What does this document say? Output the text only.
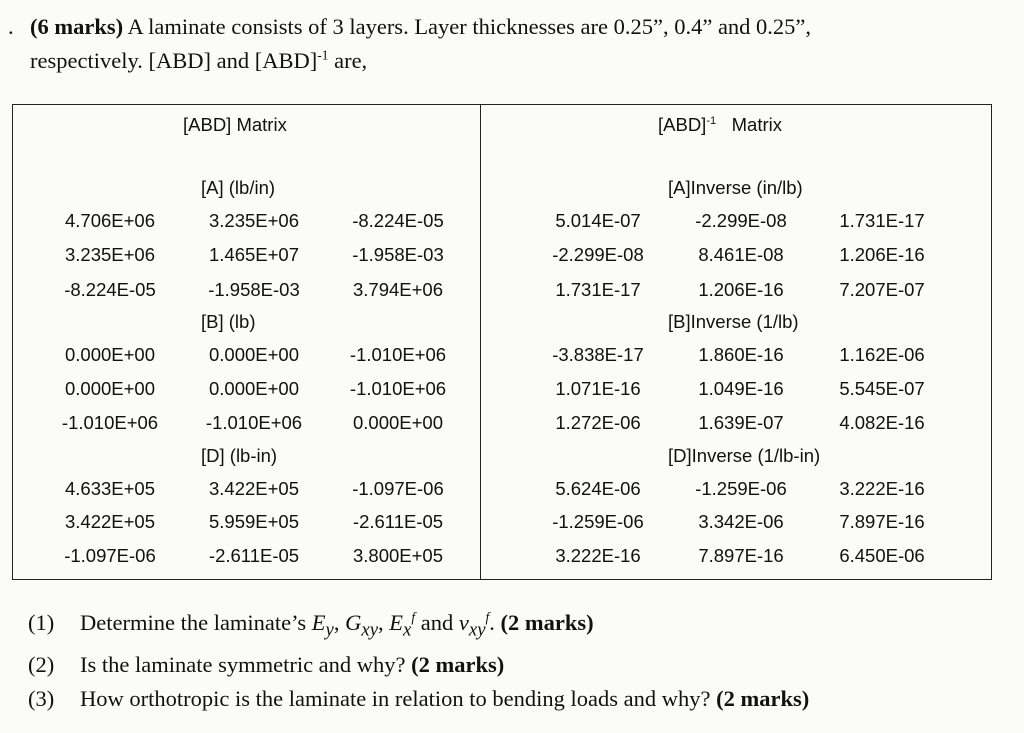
. (6 marks) A laminate consists of 3 layers. Layer thicknesses are 0.25”, 0.4” and 0.25”,
respectively. [ABD] and [ABD]$^{-1}$ are,
[ABD] Matrix
[A] (lb/in)
4.706E+06	3.235E+06	-8.224E-05
3.235E+06	1.465E+07	-1.958E-03
-8.224E-05	-1.958E-03	3.794E+06
[B] (lb)
0.000E+00	0.000E+00	-1.010E+06
0.000E+00	0.000E+00	-1.010E+06
-1.010E+06	-1.010E+06	0.000E+00
[D] (lb-in)
4.633E+05	3.422E+05	-1.097E-06
3.422E+05	5.959E+05	-2.611E-05
-1.097E-06	-2.611E-05	3.800E+05
[ABD]$^{-1}$ Matrix
[A]Inverse (in/lb)
5.014E-07	-2.299E-08	1.731E-17
-2.299E-08	8.461E-08	1.206E-16
1.731E-17	1.206E-16	7.207E-07
[B]Inverse (1/lb)
-3.838E-17	1.860E-16	1.162E-06
1.071E-16	1.049E-16	5.545E-07
1.272E-06	1.639E-07	4.082E-16
[D]Inverse (1/lb-in)
5.624E-06	-1.259E-06	3.222E-16
-1.259E-06	3.342E-06	7.897E-16
3.222E-16	7.897E-16	6.450E-06
(1)	Determine the laminate’s $E_y$, $G_{xy}$, $E_x^f$ and $v_{xy}^f$. (2 marks)
(2)	Is the laminate symmetric and why? (2 marks)
(3)	How orthotropic is the laminate in relation to bending loads and why? (2 marks)
